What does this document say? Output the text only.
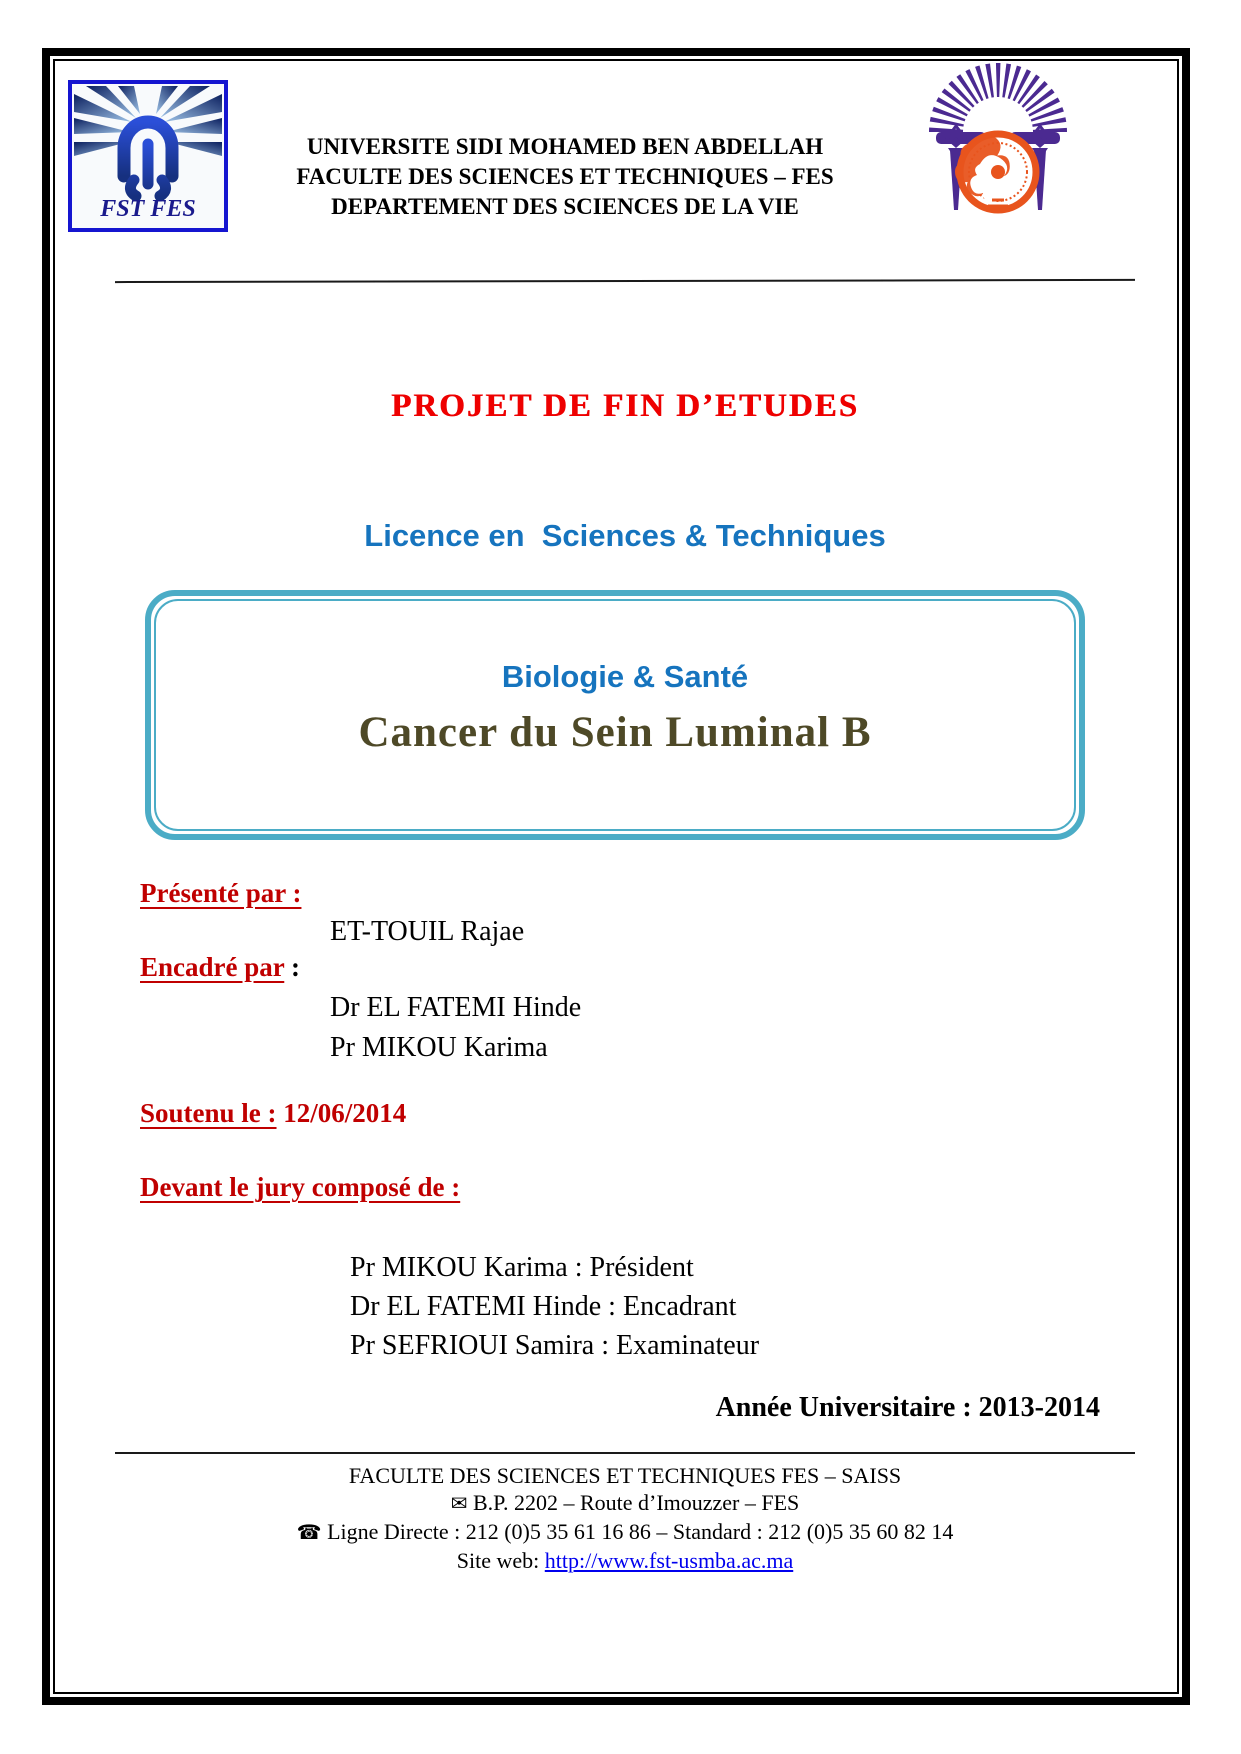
FST FES
UNIVERSITE SIDI MOHAMED BEN ABDELLAH
FACULTE DES SCIENCES ET TECHNIQUES – FES
DEPARTEMENT DES SCIENCES DE LA VIE
PROJET DE FIN D’ETUDES

Licence en  Sciences & Techniques

Biologie & Santé

Cancer du Sein Luminal B
Présenté par :
ET-TOUIL Rajae
Encadré par :
Dr EL FATEMI Hinde
Pr MIKOU Karima
Soutenu le : 12/06/2014
Devant le jury composé de :
Pr MIKOU Karima : Président
Dr EL FATEMI Hinde : Encadrant
Pr SEFRIOUI Samira : Examinateur
Année Universitaire : 2013-2014
FACULTE DES SCIENCES ET TECHNIQUES FES – SAISS
✉ B.P. 2202 – Route d’Imouzzer – FES
☎ Ligne Directe : 212 (0)5 35 61 16 86 – Standard : 212 (0)5 35 60 82 14
Site web: http://www.fst-usmba.ac.ma
